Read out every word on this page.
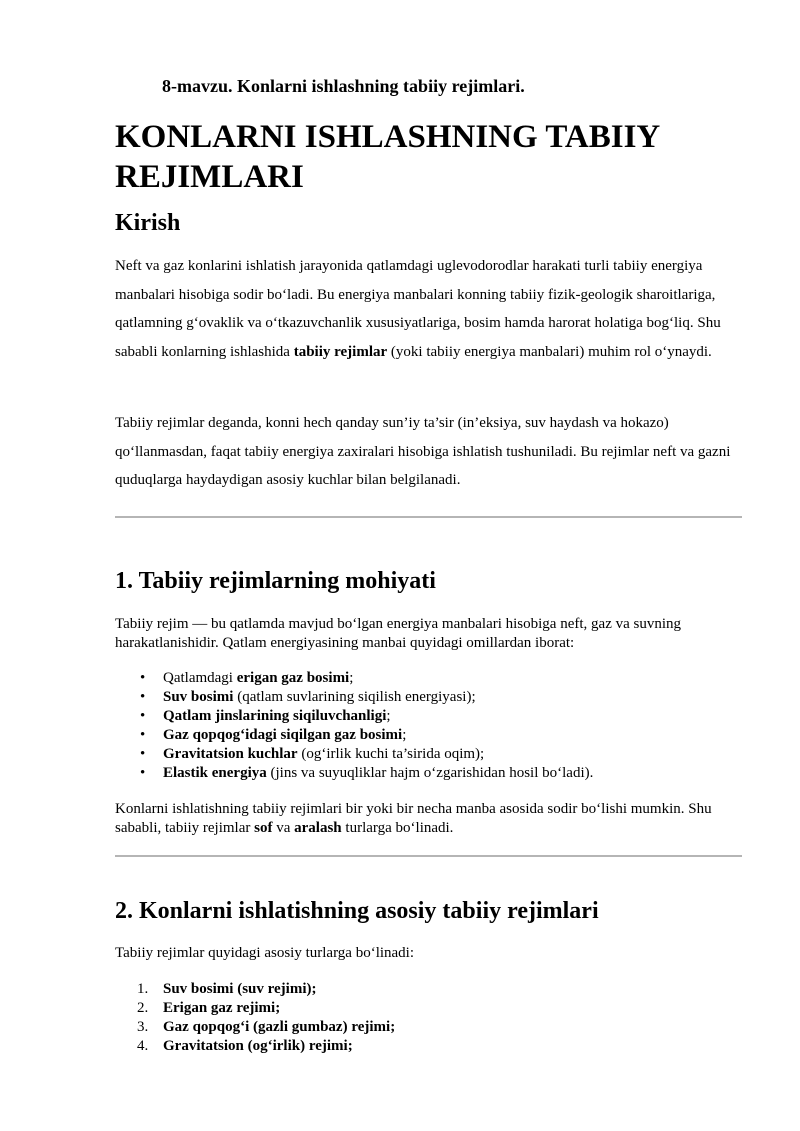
8-mavzu. Konlarni ishlashning tabiiy rejimlari.

KONLARNI ISHLASHNING TABIIY REJIMLARI
Kirish

Neft va gaz konlarini ishlatish jarayonida qatlamdagi uglevodorodlar harakati turli tabiiy energiya manbalari hisobiga sodir bo‘ladi. Bu energiya manbalari konning tabiiy fizik-geologik sharoitlariga, qatlamning g‘ovaklik va o‘tkazuvchanlik xususiyatlariga, bosim hamda harorat holatiga bog‘liq. Shu sababli konlarning ishlashida tabiiy rejimlar (yoki tabiiy energiya manbalari) muhim rol o‘ynaydi.

Tabiiy rejimlar deganda, konni hech qanday sun’iy ta’sir (in’eksiya, suv haydash va hokazo) qo‘llanmasdan, faqat tabiiy energiya zaxiralari hisobiga ishlatish tushuniladi. Bu rejimlar neft va gazni quduqlarga haydaydigan asosiy kuchlar bilan belgilanadi.

1. Tabiiy rejimlarning mohiyati

Tabiiy rejim — bu qatlamda mavjud bo‘lgan energiya manbalari hisobiga neft, gaz va suvning harakatlanishidir. Qatlam energiyasining manbai quyidagi omillardan iborat:

• Qatlamdagi erigan gaz bosimi;
• Suv bosimi (qatlam suvlarining siqilish energiyasi);
• Qatlam jinslarining siqiluvchanligi;
• Gaz qopqog‘idagi siqilgan gaz bosimi;
• Gravitatsion kuchlar (og‘irlik kuchi ta’sirida oqim);
• Elastik energiya (jins va suyuqliklar hajm o‘zgarishidan hosil bo‘ladi).

Konlarni ishlatishning tabiiy rejimlari bir yoki bir necha manba asosida sodir bo‘lishi mumkin. Shu sababli, tabiiy rejimlar sof va aralash turlarga bo‘linadi.

2. Konlarni ishlatishning asosiy tabiiy rejimlari

Tabiiy rejimlar quyidagi asosiy turlarga bo‘linadi:

1. Suv bosimi (suv rejimi);
2. Erigan gaz rejimi;
3. Gaz qopqog‘i (gazli gumbaz) rejimi;
4. Gravitatsion (og‘irlik) rejimi;
